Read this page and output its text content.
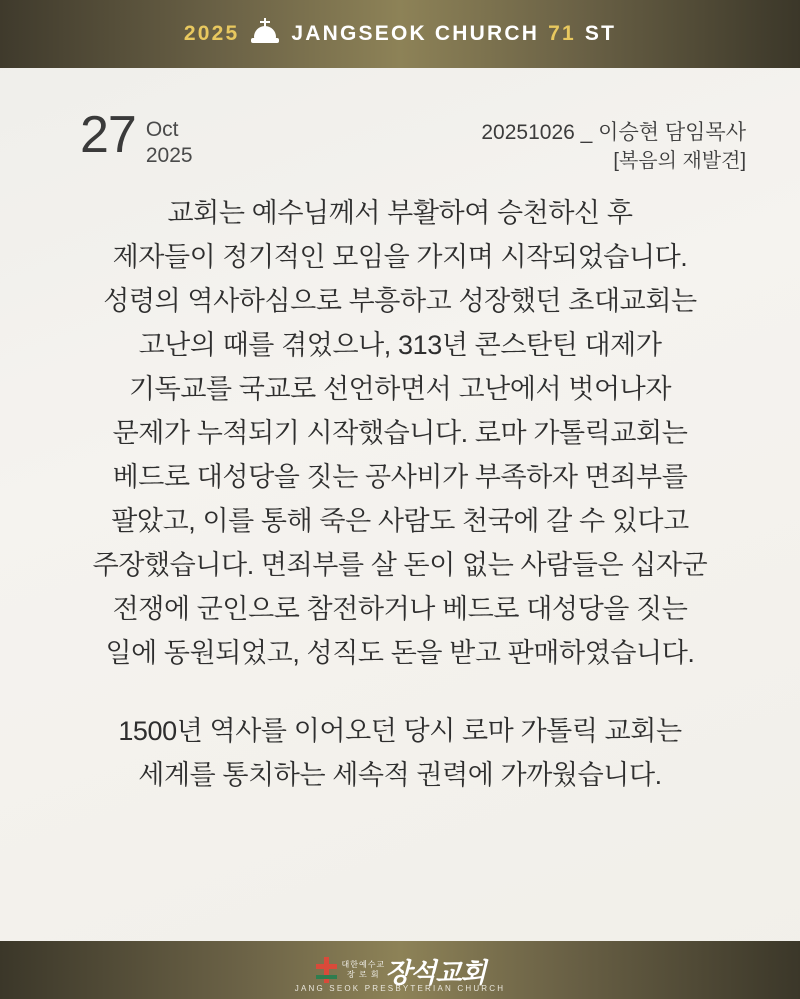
2025 JANGSEOK CHURCH 71 ST
27 Oct
2025
20251026 _ 이승현 담임목사
[복음의 재발견]

교회는 예수님께서 부활하여 승천하신 후

제자들이 정기적인 모임을 가지며 시작되었습니다.

성령의 역사하심으로 부흥하고 성장했던 초대교회는

고난의 때를 겪었으나, 313년 콘스탄틴 대제가

기독교를 국교로 선언하면서 고난에서 벗어나자

문제가 누적되기 시작했습니다. 로마 가톨릭교회는

베드로 대성당을 짓는 공사비가 부족하자 면죄부를

팔았고, 이를 통해 죽은 사람도 천국에 갈 수 있다고

주장했습니다. 면죄부를 살 돈이 없는 사람들은 십자군

전쟁에 군인으로 참전하거나 베드로 대성당을 짓는

일에 동원되었고, 성직도 돈을 받고 판매하였습니다.

1500년 역사를 이어오던 당시 로마 가톨릭 교회는

세계를 통치하는 세속적 권력에 가까웠습니다.

대한예수교
장 로 회 장석교회
JANG SEOK PRESBYTERIAN CHURCH
